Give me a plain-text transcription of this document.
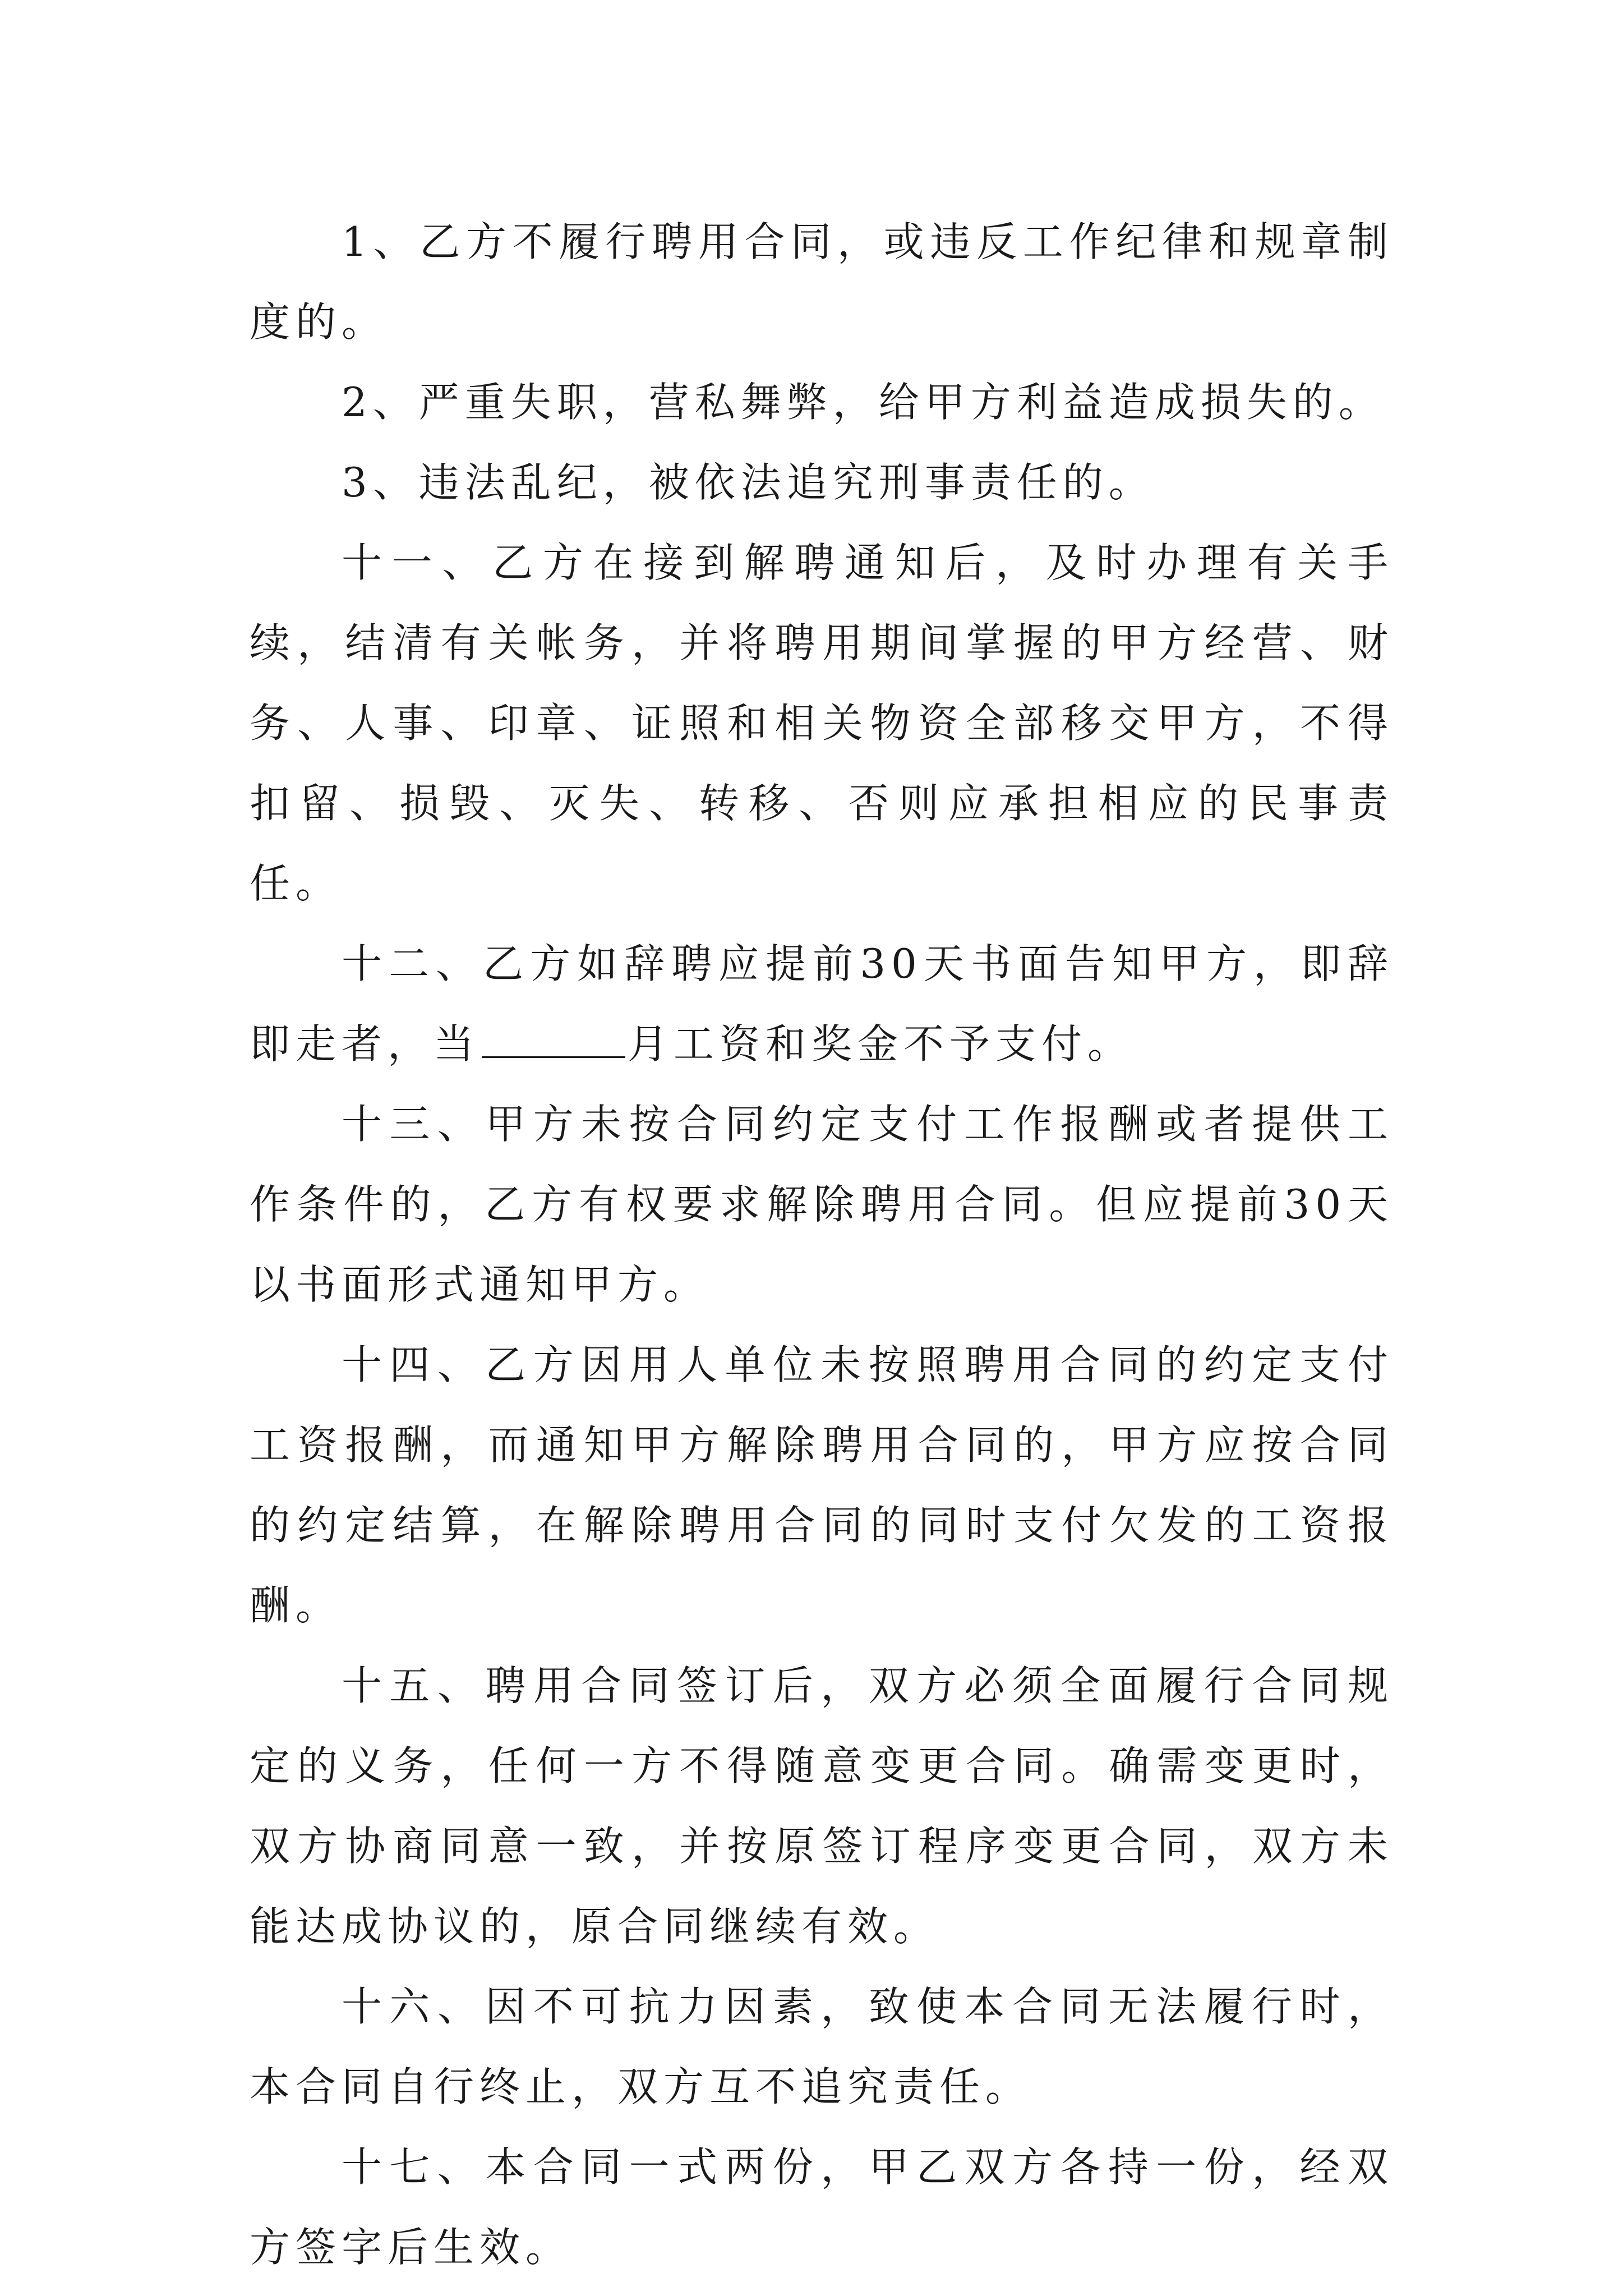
1、乙方不履行聘用合同，或违反工作纪律和规章制度的。

2、严重失职，营私舞弊，给甲方利益造成损失的。

3、违法乱纪，被依法追究刑事责任的。

十一、乙方在接到解聘通知后，及时办理有关手续，结清有关帐务，并将聘用期间掌握的甲方经营、财务、人事、印章、证照和相关物资全部移交甲方，不得扣留、损毁、灭失、转移、否则应承担相应的民事责任。

十二、乙方如辞聘应提前30天书面告知甲方，即辞即走者，当	月工资和奖金不予支付。

十三、甲方未按合同约定支付工作报酬或者提供工作条件的，乙方有权要求解除聘用合同。但应提前30天以书面形式通知甲方。

十四、乙方因用人单位未按照聘用合同的约定支付工资报酬，而通知甲方解除聘用合同的，甲方应按合同的约定结算，在解除聘用合同的同时支付欠发的工资报酬。

十五、聘用合同签订后，双方必须全面履行合同规定的义务，任何一方不得随意变更合同。确需变更时，双方协商同意一致，并按原签订程序变更合同，双方未能达成协议的，原合同继续有效。

十六、因不可抗力因素，致使本合同无法履行时，本合同自行终止，双方互不追究责任。

十七、本合同一式两份，甲乙双方各持一份，经双方签字后生效。
